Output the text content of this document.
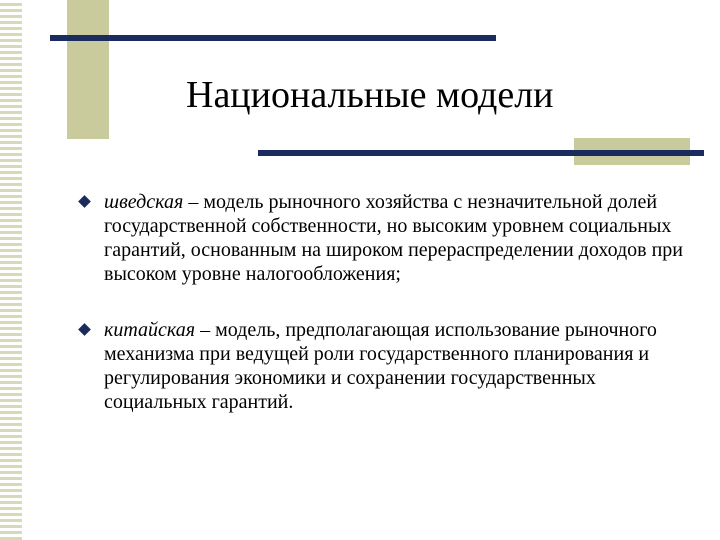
Национальные модели
шведская – модель рыночного хозяйства с незначительной долей государственной собственности, но высоким уровнем социальных гарантий, основанным на широком перераспределении доходов при высоком уровне налогообложения;
китайская – модель, предполагающая использование рыночного механизма при ведущей роли государственного планирования и регулирования экономики и сохранении государственных социальных гарантий.
